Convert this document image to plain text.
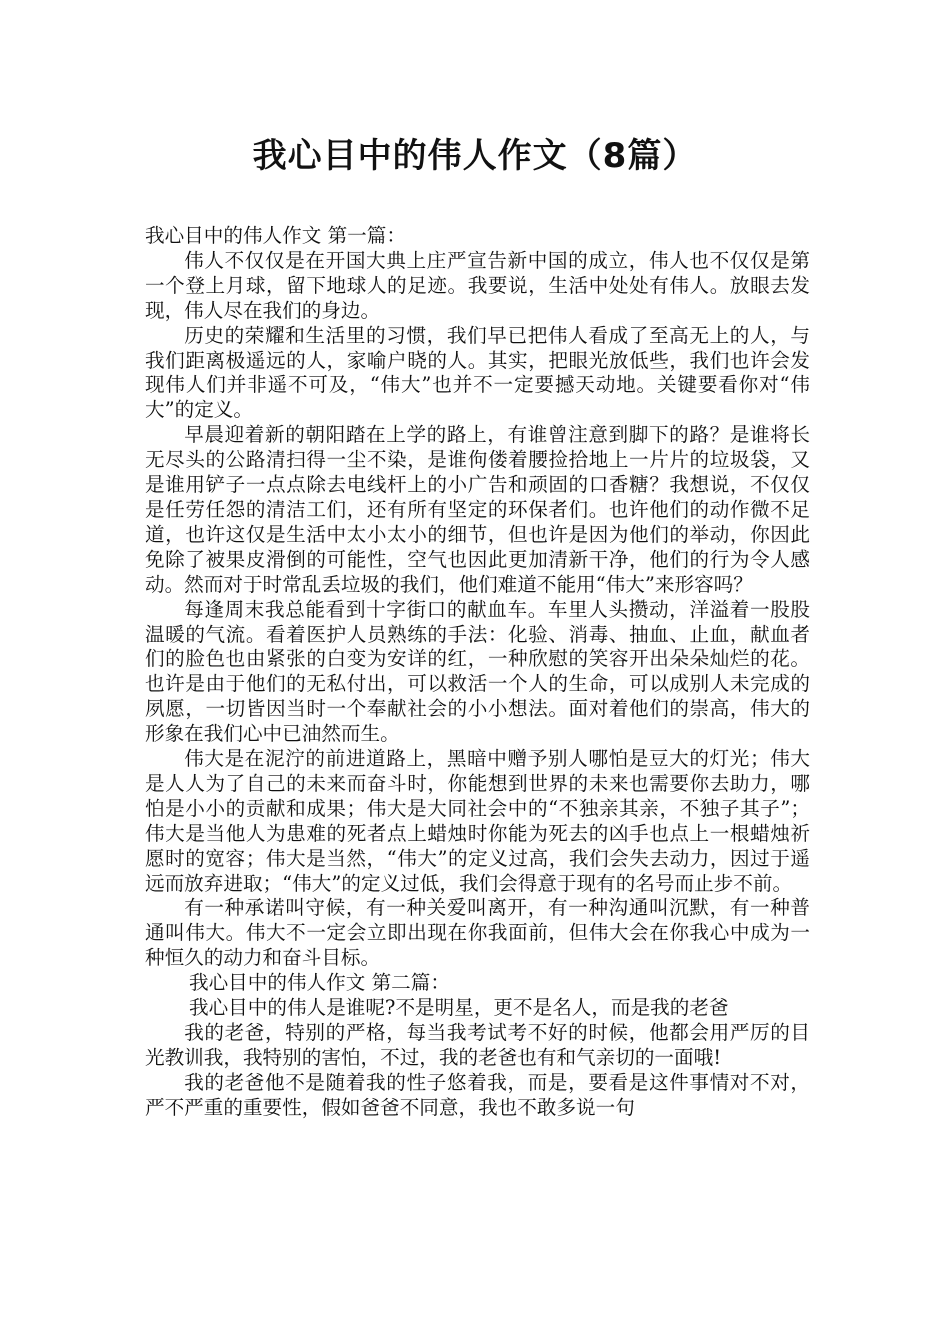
我心目中的伟人作文（8篇）

我心目中的伟人作文 第一篇：

伟人不仅仅是在开国大典上庄严宣告新中国的成立，伟人也不仅仅是第一个登上月球，留下地球人的足迹。我要说，生活中处处有伟人。放眼去发现，伟人尽在我们的身边。

历史的荣耀和生活里的习惯，我们早已把伟人看成了至高无上的人，与我们距离极遥远的人，家喻户晓的人。其实，把眼光放低些，我们也许会发现伟人们并非遥不可及，“伟大”也并不一定要撼天动地。关键要看你对“伟大”的定义。

早晨迎着新的朝阳踏在上学的路上，有谁曾注意到脚下的路？是谁将长无尽头的公路清扫得一尘不染，是谁佝偻着腰捡拾地上一片片的垃圾袋，又是谁用铲子一点点除去电线杆上的小广告和顽固的口香糖？我想说，不仅仅是任劳任怨的清洁工们，还有所有坚定的环保者们。也许他们的动作微不足道，也许这仅是生活中太小太小的细节，但也许是因为他们的举动，你因此免除了被果皮滑倒的可能性，空气也因此更加清新干净，他们的行为令人感动。然而对于时常乱丢垃圾的我们，他们难道不能用“伟大”来形容吗？

每逢周末我总能看到十字街口的献血车。车里人头攒动，洋溢着一股股温暖的气流。看着医护人员熟练的手法：化验、消毒、抽血、止血，献血者们的脸色也由紧张的白变为安详的红，一种欣慰的笑容开出朵朵灿烂的花。也许是由于他们的无私付出，可以救活一个人的生命，可以成别人未完成的夙愿，一切皆因当时一个奉献社会的小小想法。面对着他们的崇高，伟大的形象在我们心中已油然而生。

伟大是在泥泞的前进道路上，黑暗中赠予别人哪怕是豆大的灯光；伟大是人人为了自己的未来而奋斗时，你能想到世界的未来也需要你去助力，哪怕是小小的贡献和成果；伟大是大同社会中的“不独亲其亲，不独子其子”；伟大是当他人为患难的死者点上蜡烛时你能为死去的凶手也点上一根蜡烛祈愿时的宽容；伟大是当然，“伟大”的定义过高，我们会失去动力，因过于遥远而放弃进取；“伟大”的定义过低，我们会得意于现有的名号而止步不前。

有一种承诺叫守候，有一种关爱叫离开，有一种沟通叫沉默，有一种普通叫伟大。伟大不一定会立即出现在你我面前，但伟大会在你我心中成为一种恒久的动力和奋斗目标。

我心目中的伟人作文 第二篇：

我心目中的伟人是谁呢?不是明星，更不是名人，而是我的老爸

我的老爸，特别的严格，每当我考试考不好的时候，他都会用严厉的目光教训我，我特别的害怕，不过，我的老爸也有和气亲切的一面哦!

我的老爸他不是随着我的性子悠着我，而是，要看是这件事情对不对，严不严重的重要性，假如爸爸不同意，我也不敢多说一句
